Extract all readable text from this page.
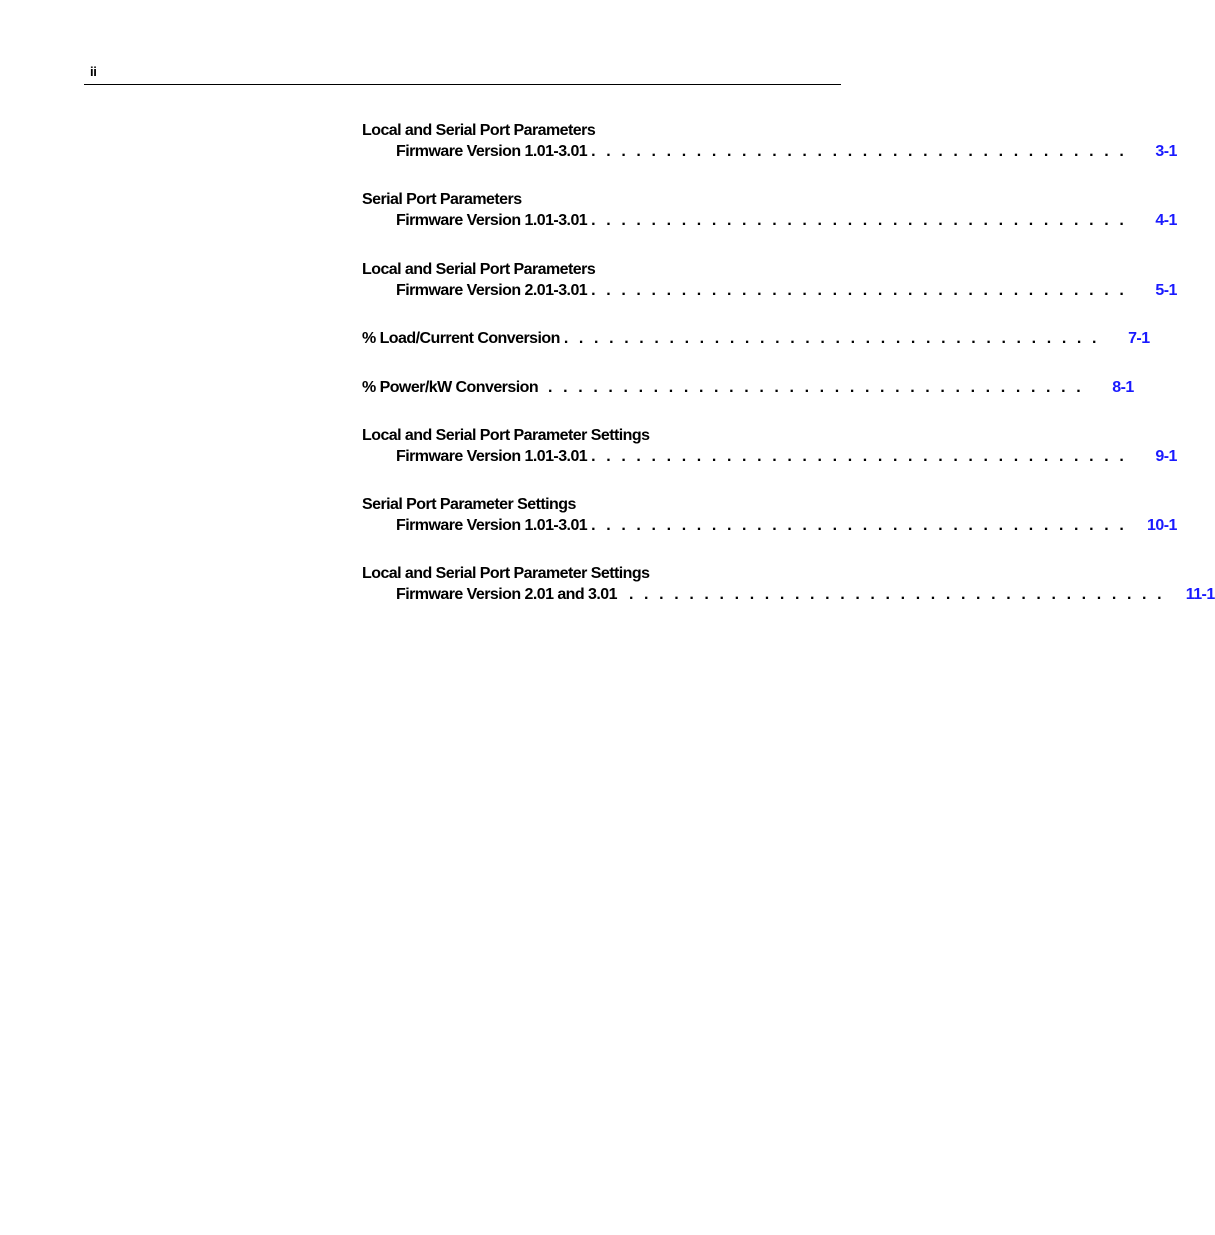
ii
Local and Serial Port Parameters
Firmware Version 1.01-3.01 . . . . . . . . . . . . . . . . . . . . . . . . . . . . . . . . . . . .	3-1
Serial Port Parameters
Firmware Version 1.01-3.01 . . . . . . . . . . . . . . . . . . . . . . . . . . . . . . . . . . . .	4-1
Local and Serial Port Parameters
Firmware Version 2.01-3.01 . . . . . . . . . . . . . . . . . . . . . . . . . . . . . . . . . . . .	5-1
% Load/Current Conversion . . . . . . . . . . . . . . . . . . . . . . . . . . . . . . . . . . . .	7-1
% Power/kW Conversion . . . . . . . . . . . . . . . . . . . . . . . . . . . . . . . . . . . .	8-1
Local and Serial Port Parameter Settings
Firmware Version 1.01-3.01 . . . . . . . . . . . . . . . . . . . . . . . . . . . . . . . . . . . .	9-1
Serial Port Parameter Settings
Firmware Version 1.01-3.01 . . . . . . . . . . . . . . . . . . . . . . . . . . . . . . . . . . . .	10-1
Local and Serial Port Parameter Settings
Firmware Version 2.01 and 3.01 . . . . . . . . . . . . . . . . . . . . . . . . . . . . . . . . . . . .	11-1
